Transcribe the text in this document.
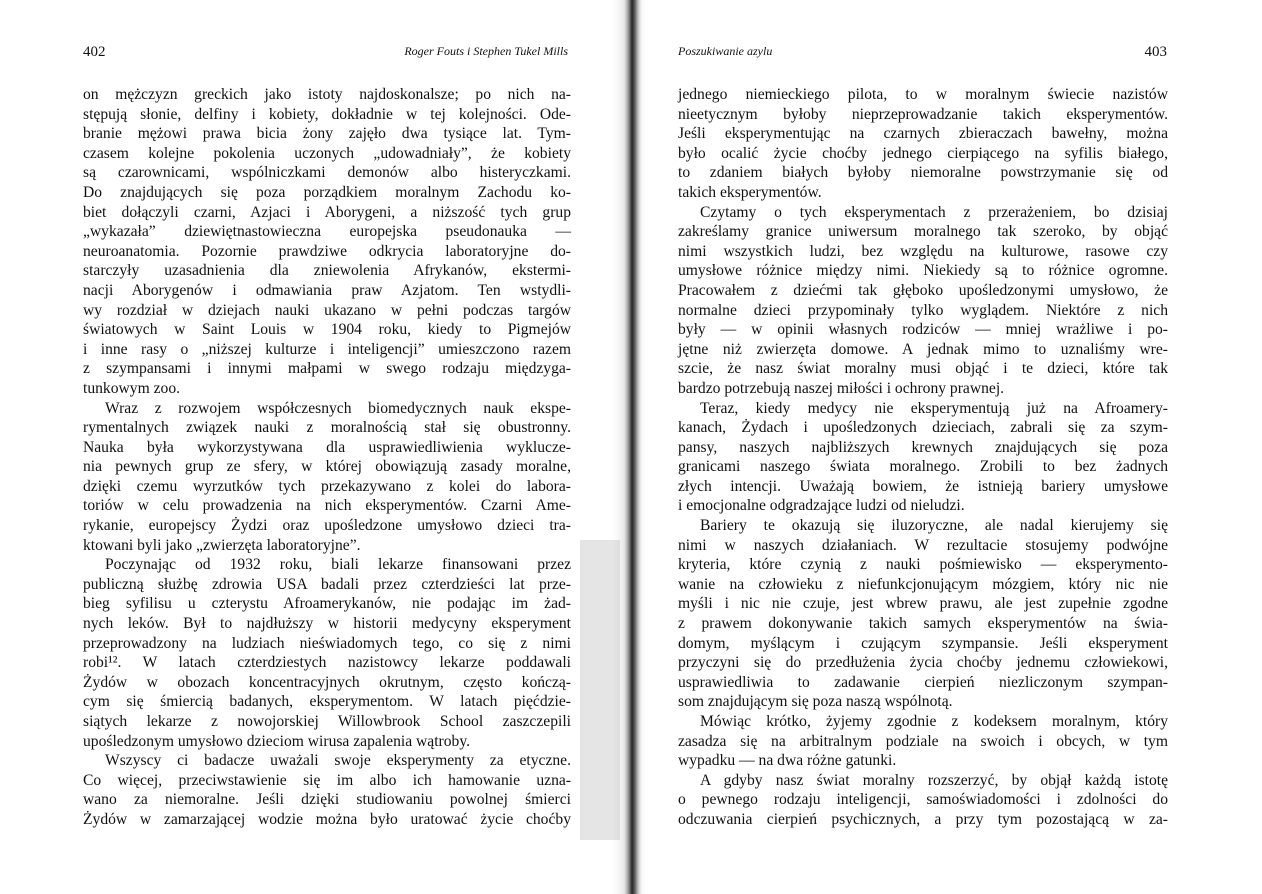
402	Roger Fouts i Stephen Tukel Mills
on mężczyzn greckich jako istoty najdoskonalsze; po nich na-
stępują słonie, delfiny i kobiety, dokładnie w tej kolejności. Ode-
branie mężowi prawa bicia żony zajęło dwa tysiące lat. Tym-
czasem kolejne pokolenia uczonych „udowadniały”, że kobiety
są czarownicami, wspólniczkami demonów albo histeryczkami.
Do znajdujących się poza porządkiem moralnym Zachodu ko-
biet dołączyli czarni, Azjaci i Aborygeni, a niższość tych grup
„wykazała” dziewiętnastowieczna europejska pseudonauka —
neuroanatomia. Pozornie prawdziwe odkrycia laboratoryjne do-
starczyły uzasadnienia dla zniewolenia Afrykanów, ekstermi-
nacji Aborygenów i odmawiania praw Azjatom. Ten wstydli-
wy rozdział w dziejach nauki ukazano w pełni podczas targów
światowych w Saint Louis w 1904 roku, kiedy to Pigmejów
i inne rasy o „niższej kulturze i inteligencji” umieszczono razem
z szympansami i innymi małpami w swego rodzaju międzyga-
tunkowym zoo.
Wraz z rozwojem współczesnych biomedycznych nauk ekspe-
rymentalnych związek nauki z moralnością stał się obustronny.
Nauka była wykorzystywana dla usprawiedliwienia wyklucze-
nia pewnych grup ze sfery, w której obowiązują zasady moralne,
dzięki czemu wyrzutków tych przekazywano z kolei do labora-
toriów w celu prowadzenia na nich eksperymentów. Czarni Ame-
rykanie, europejscy Żydzi oraz upośledzone umysłowo dzieci tra-
ktowani byli jako „zwierzęta laboratoryjne”.
Poczynając od 1932 roku, biali lekarze finansowani przez
publiczną służbę zdrowia USA badali przez czterdzieści lat prze-
bieg syfilisu u czterystu Afroamerykanów, nie podając im żad-
nych leków. Był to najdłuższy w historii medycyny eksperyment
przeprowadzony na ludziach nieświadomych tego, co się z nimi
robi¹². W latach czterdziestych nazistowcy lekarze poddawali
Żydów w obozach koncentracyjnych okrutnym, często kończą-
cym się śmiercią badanych, eksperymentom. W latach pięćdzie-
siątych lekarze z nowojorskiej Willowbrook School zaszczepili
upośledzonym umysłowo dzieciom wirusa zapalenia wątroby.
Wszyscy ci badacze uważali swoje eksperymenty za etyczne.
Co więcej, przeciwstawienie się im albo ich hamowanie uzna-
wano za niemoralne. Jeśli dzięki studiowaniu powolnej śmierci
Żydów w zamarzającej wodzie można było uratować życie choćby
Poszukiwanie azylu	403
jednego niemieckiego pilota, to w moralnym świecie nazistów
nieetycznym byłoby nieprzeprowadzanie takich eksperymentów.
Jeśli eksperymentując na czarnych zbieraczach bawełny, można
było ocalić życie choćby jednego cierpiącego na syfilis białego,
to zdaniem białych byłoby niemoralne powstrzymanie się od
takich eksperymentów.
Czytamy o tych eksperymentach z przerażeniem, bo dzisiaj
zakreślamy granice uniwersum moralnego tak szeroko, by objąć
nimi wszystkich ludzi, bez względu na kulturowe, rasowe czy
umysłowe różnice między nimi. Niekiedy są to różnice ogromne.
Pracowałem z dziećmi tak głęboko upośledzonymi umysłowo, że
normalne dzieci przypominały tylko wyglądem. Niektóre z nich
były — w opinii własnych rodziców — mniej wrażliwe i po-
jętne niż zwierzęta domowe. A jednak mimo to uznaliśmy wre-
szcie, że nasz świat moralny musi objąć i te dzieci, które tak
bardzo potrzebują naszej miłości i ochrony prawnej.
Teraz, kiedy medycy nie eksperymentują już na Afroamery-
kanach, Żydach i upośledzonych dzieciach, zabrali się za szym-
pansy, naszych najbliższych krewnych znajdujących się poza
granicami naszego świata moralnego. Zrobili to bez żadnych
złych intencji. Uważają bowiem, że istnieją bariery umysłowe
i emocjonalne odgradzające ludzi od nieludzi.
Bariery te okazują się iluzoryczne, ale nadal kierujemy się
nimi w naszych działaniach. W rezultacie stosujemy podwójne
kryteria, które czynią z nauki pośmiewisko — eksperymento-
wanie na człowieku z niefunkcjonującym mózgiem, który nic nie
myśli i nic nie czuje, jest wbrew prawu, ale jest zupełnie zgodne
z prawem dokonywanie takich samych eksperymentów na świa-
domym, myślącym i czującym szympansie. Jeśli eksperyment
przyczyni się do przedłużenia życia choćby jednemu człowiekowi,
usprawiedliwia to zadawanie cierpień niezliczonym szympan-
som znajdującym się poza naszą wspólnotą.
Mówiąc krótko, żyjemy zgodnie z kodeksem moralnym, który
zasadza się na arbitralnym podziale na swoich i obcych, w tym
wypadku — na dwa różne gatunki.
A gdyby nasz świat moralny rozszerzyć, by objął każdą istotę
o pewnego rodzaju inteligencji, samoświadomości i zdolności do
odczuwania cierpień psychicznych, a przy tym pozostającą w za-
